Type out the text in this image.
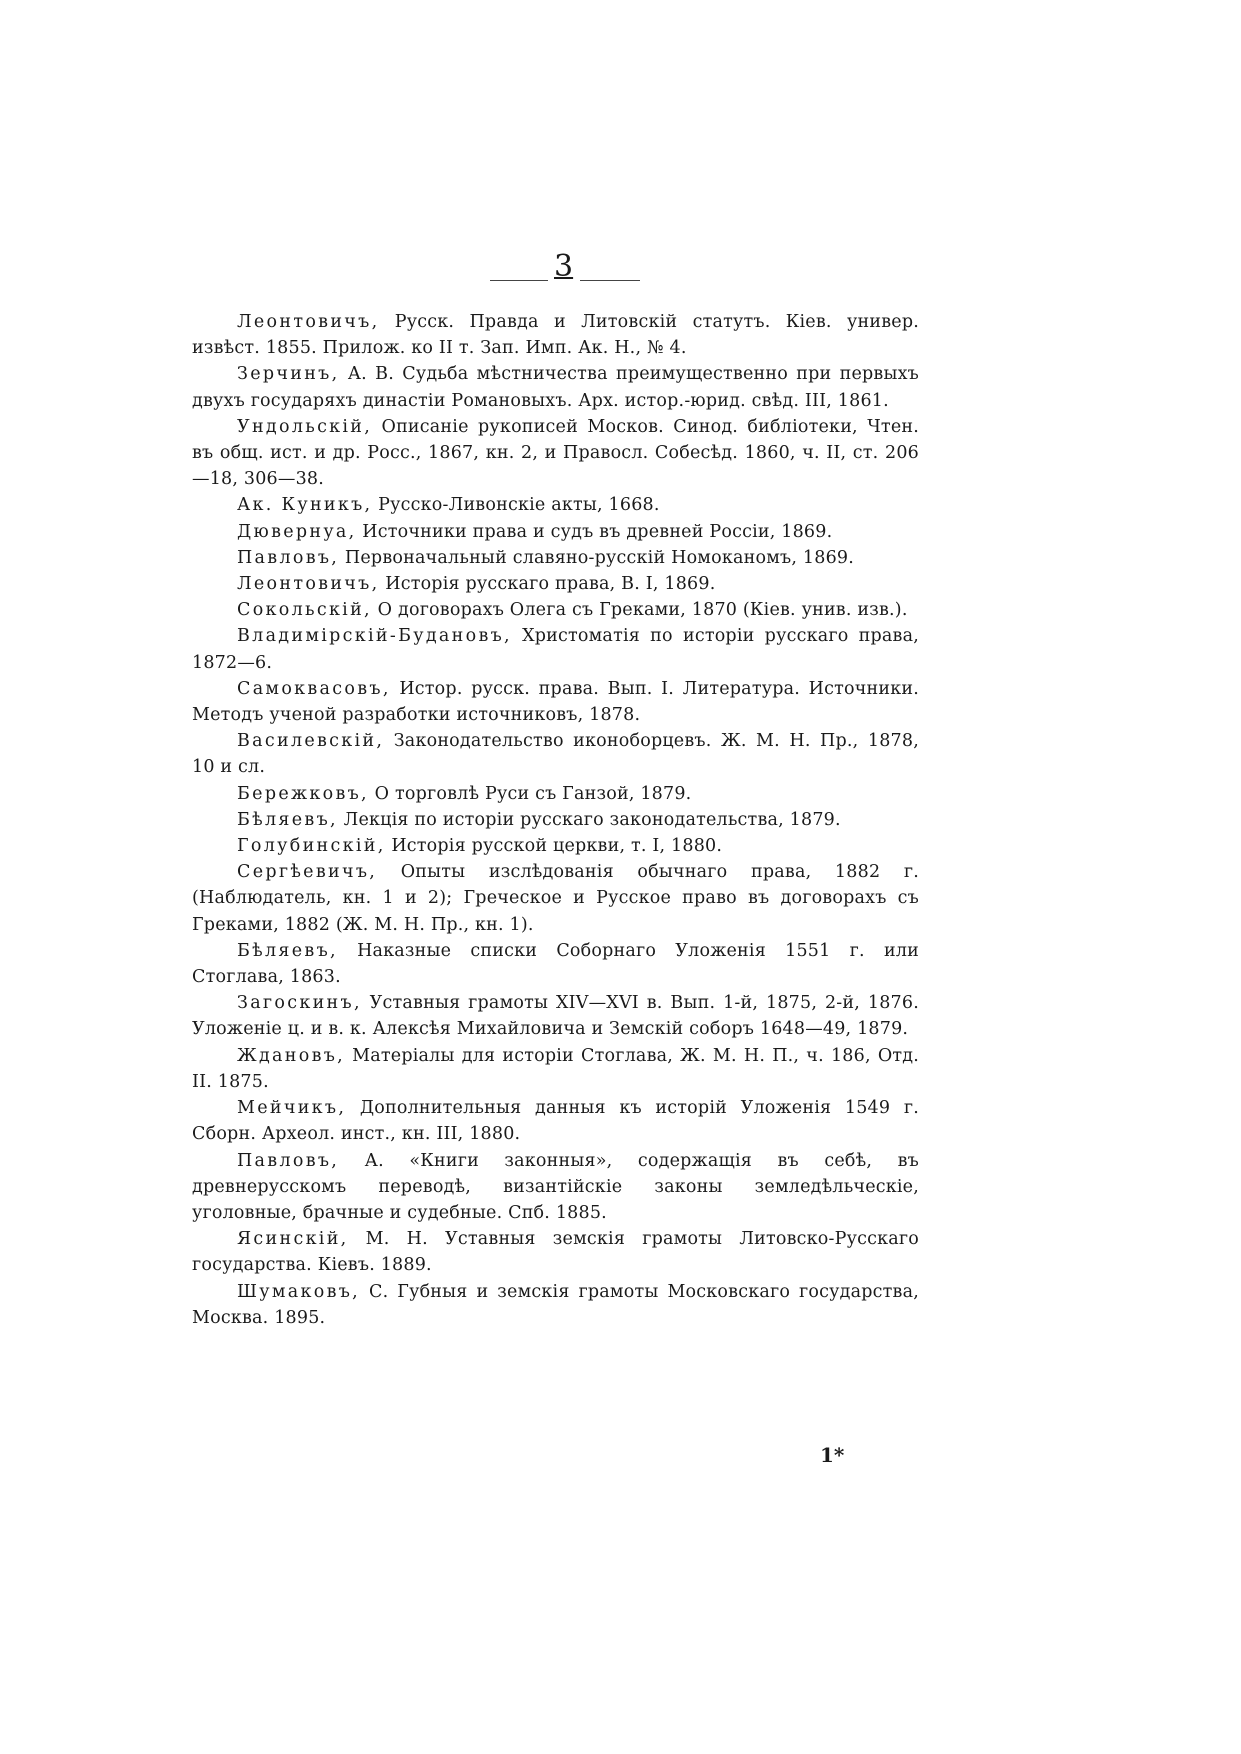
3

Леонтовичъ, Русск. Правда и Литовскій статутъ. Кіев. универ. извѣст. 1855. Прилож. ко II т. Зап. Имп. Ак. Н., № 4.

Зерчинъ, А. В. Судьба мѣстничества преимущественно при первыхъ двухъ государяхъ династіи Романовыхъ. Арх. истор.-юрид. свѣд. III, 1861.

Ундольскій, Описаніе рукописей Москов. Синод. библіотеки, Чтен. въ общ. ист. и др. Росс., 1867, кн. 2, и Правосл. Собесѣд. 1860, ч. II, ст. 206—18, 306—38.

Ак. Куникъ, Русско-Ливонскіе акты, 1668.

Дювернуа, Источники права и судъ въ древней Россіи, 1869.

Павловъ, Первоначальный славяно-русскій Номоканомъ, 1869.

Леонтовичъ, Исторія русскаго права, В. I, 1869.

Сокольскій, О договорахъ Олега съ Греками, 1870 (Кіев. унив. изв.).

Владимірскій-Будановъ, Христоматія по исторіи русскаго права, 1872—6.

Самоквасовъ, Истор. русск. права. Вып. I. Литература. Источники. Методъ ученой разработки источниковъ, 1878.

Василевскій, Законодательство иконоборцевъ. Ж. М. Н. Пр., 1878, 10 и сл.

Бережковъ, О торговлѣ Руси съ Ганзой, 1879.

Бѣляевъ, Лекція по исторіи русскаго законодательства, 1879.

Голубинскій, Исторія русской церкви, т. I, 1880.

Сергѣевичъ, Опыты изслѣдованія обычнаго права, 1882 г. (Наблюдатель, кн. 1 и 2); Греческое и Русское право въ договорахъ съ Греками, 1882 (Ж. М. Н. Пр., кн. 1).

Бѣляевъ, Наказные списки Соборнаго Уложенія 1551 г. или Стоглава, 1863.

Загоскинъ, Уставныя грамоты XIV—XVI в. Вып. 1-й, 1875, 2-й, 1876. Уложеніе ц. и в. к. Алексѣя Михайловича и Земскій соборъ 1648—49, 1879.

Ждановъ, Матеріалы для исторіи Стоглава, Ж. М. Н. П., ч. 186, Отд. II. 1875.

Мейчикъ, Дополнительныя данныя къ исторій Уложенія 1549 г. Сборн. Археол. инст., кн. III, 1880.

Павловъ, А. «Книги законныя», содержащія въ себѣ, въ древнерусскомъ переводѣ, византійскіе законы земледѣльческіе, уголовные, брачные и судебные. Спб. 1885.

Ясинскій, М. Н. Уставныя земскія грамоты Литовско-Русскаго государства. Кіевъ. 1889.

Шумаковъ, С. Губныя и земскія грамоты Московскаго государства, Москва. 1895.

1*
